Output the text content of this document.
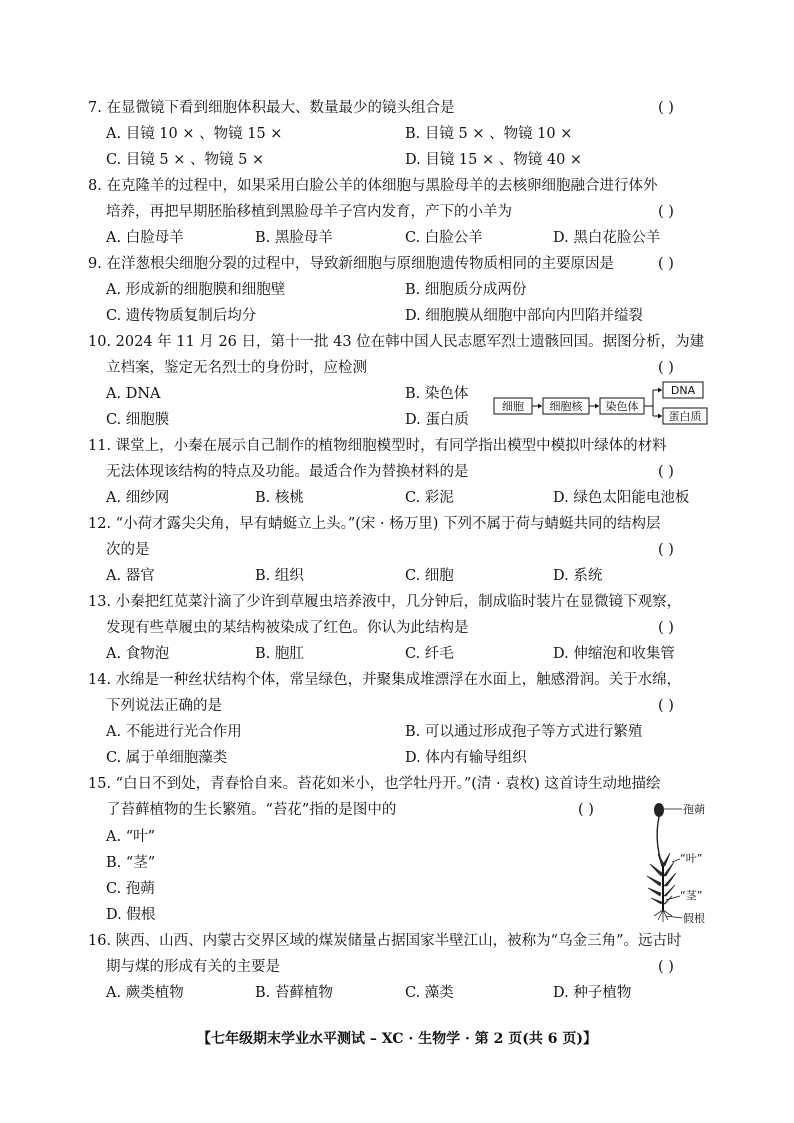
7. 在显微镜下看到细胞体积最大、数量最少的镜头组合是	( )
A. 目镜 10 × 、物镜 15 ×	B. 目镜 5 × 、物镜 10 ×
C. 目镜 5 × 、物镜 5 ×	D. 目镜 15 × 、物镜 40 ×
8. 在克隆羊的过程中，如果采用白脸公羊的体细胞与黑脸母羊的去核卵细胞融合进行体外
培养，再把早期胚胎移植到黑脸母羊子宫内发育，产下的小羊为	( )
A. 白脸母羊	B. 黑脸母羊	C. 白脸公羊	D. 黑白花脸公羊
9. 在洋葱根尖细胞分裂的过程中，导致新细胞与原细胞遗传物质相同的主要原因是	( )
A. 形成新的细胞膜和细胞壁	B. 细胞质分成两份
C. 遗传物质复制后均分	D. 细胞膜从细胞中部向内凹陷并缢裂
10. 2024 年 11 月 26 日，第十一批 43 位在韩中国人民志愿军烈士遗骸回国。据图分析，为建
立档案，鉴定无名烈士的身份时，应检测	( )
A. DNA	B. 染色体
C. 细胞膜	D. 蛋白质
细胞 细胞核 染色体
DNA
蛋白质
11. 课堂上，小秦在展示自己制作的植物细胞模型时，有同学指出模型中模拟叶绿体的材料
无法体现该结构的特点及功能。最适合作为替换材料的是	( )
A. 细纱网	B. 核桃	C. 彩泥	D. 绿色太阳能电池板
12. “小荷才露尖尖角，早有蜻蜓立上头。”(宋 · 杨万里) 下列不属于荷与蜻蜓共同的结构层
次的是	( )
A. 器官	B. 组织	C. 细胞	D. 系统
13. 小秦把红苋菜汁滴了少许到草履虫培养液中，几分钟后，制成临时装片在显微镜下观察，
发现有些草履虫的某结构被染成了红色。你认为此结构是	( )
A. 食物泡	B. 胞肛	C. 纤毛	D. 伸缩泡和收集管
14. 水绵是一种丝状结构个体，常呈绿色，并聚集成堆漂浮在水面上，触感滑润。关于水绵，
下列说法正确的是	( )
A. 不能进行光合作用	B. 可以通过形成孢子等方式进行繁殖
C. 属于单细胞藻类	D. 体内有输导组织
15. “白日不到处，青春恰自来。苔花如米小，也学牡丹开。”(清 · 袁枚) 这首诗生动地描绘
了苔藓植物的生长繁殖。“苔花”指的是图中的	( )
A. “叶”
B. “茎”
C. 孢蒴
D. 假根
孢蒴
“叶”
“茎”
假根
16. 陕西、山西、内蒙古交界区域的煤炭储量占据国家半壁江山，被称为“乌金三角”。远古时
期与煤的形成有关的主要是	( )
A. 蕨类植物	B. 苔藓植物	C. 藻类	D. 种子植物
【七年级期末学业水平测试 – XC · 生物学 · 第 2 页(共 6 页)】
